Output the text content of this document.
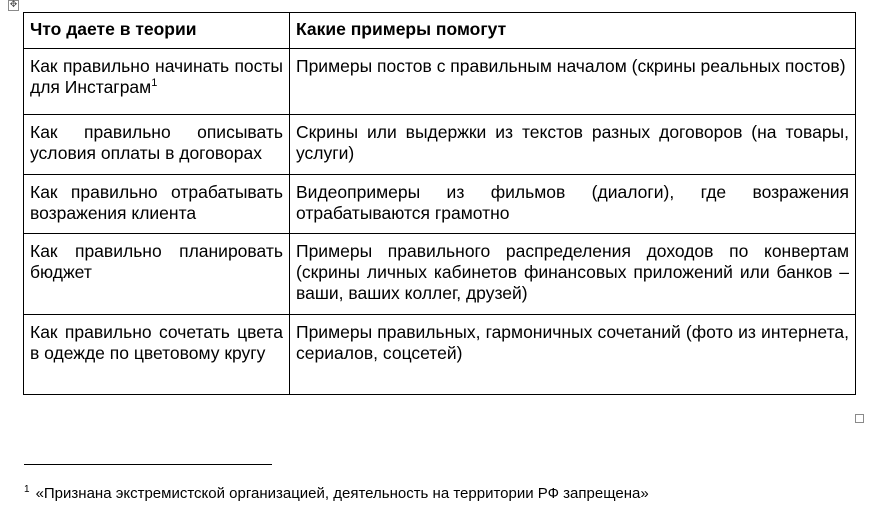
✥
Что даете в теории	Какие примеры помогут
Как правильно начинать посты для Инстаграм$^1$	Примеры постов с правильным началом (скрины реальных постов)
Как правильно описывать условия оплаты в договорах	Скрины или выдержки из текстов разных договоров (на товары, услуги)
Как правильно отрабатывать возражения клиента	Видеопримеры из фильмов (диалоги), где возражения отрабатываются грамотно
Как правильно планировать бюджет	Примеры правильного распределения доходов по конвертам (скрины личных кабинетов финансовых приложений или банков – ваши, ваших коллег, друзей)
Как правильно сочетать цвета в одежде по цветовому кругу	Примеры правильных, гармоничных сочетаний (фото из интернета, сериалов, соцсетей)
$^1$ «Признана экстремистской организацией, деятельность на территории РФ запрещена»
